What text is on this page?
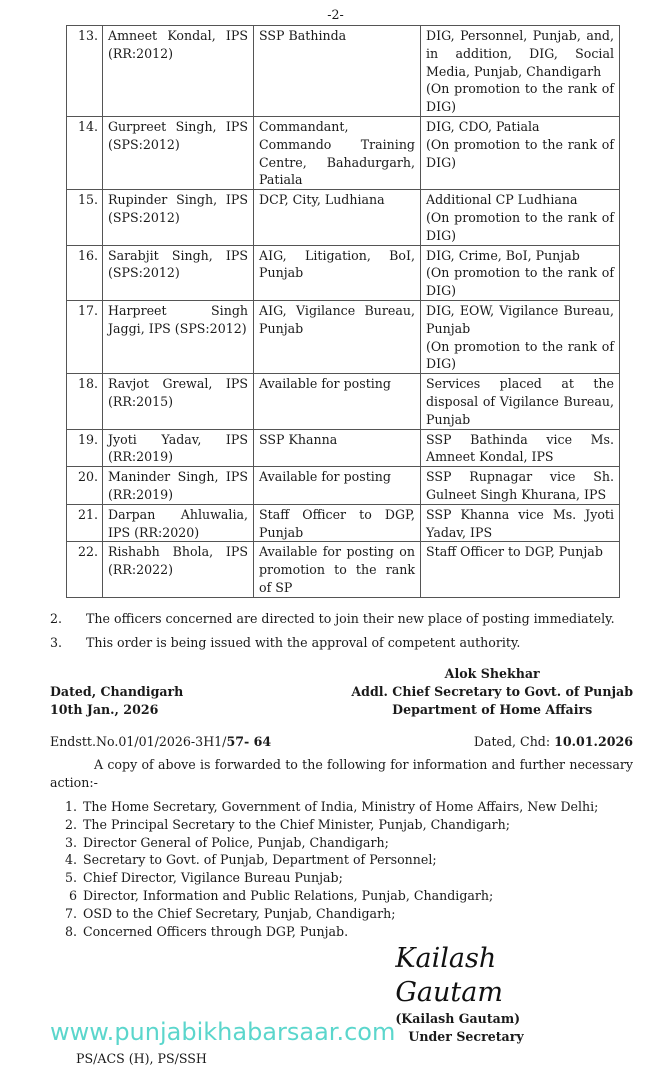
-2-
13.	Amneet Kondal, IPS (RR:2012)	SSP Bathinda	DIG, Personnel, Punjab, and, in addition, DIG, Social Media, Punjab, Chandigarh
(On promotion to the rank of DIG)

14.	Gurpreet Singh, IPS (SPS:2012)	Commandant, Commando Training Centre, Bahadurgarh, Patiala	DIG, CDO, Patiala
(On promotion to the rank of DIG)

15.	Rupinder Singh, IPS (SPS:2012)	DCP, City, Ludhiana	Additional CP Ludhiana
(On promotion to the rank of DIG)

16.	Sarabjit Singh, IPS (SPS:2012)	AIG, Litigation, BoI, Punjab	DIG, Crime, BoI, Punjab
(On promotion to the rank of DIG)

17.	Harpreet Singh Jaggi, IPS (SPS:2012)	AIG, Vigilance Bureau, Punjab	DIG, EOW, Vigilance Bureau, Punjab
(On promotion to the rank of DIG)

18.	Ravjot Grewal, IPS (RR:2015)	Available for posting	Services placed at the disposal of Vigilance Bureau, Punjab

19.	Jyoti Yadav, IPS (RR:2019)	SSP Khanna	SSP Bathinda vice Ms. Amneet Kondal, IPS

20.	Maninder Singh, IPS (RR:2019)	Available for posting	SSP Rupnagar vice Sh. Gulneet Singh Khurana, IPS

21.	Darpan Ahluwalia, IPS (RR:2020)	Staff Officer to DGP, Punjab	SSP Khanna vice Ms. Jyoti Yadav, IPS

22.	Rishabh Bhola, IPS (RR:2022)	Available for posting on promotion to the rank of SP	Staff Officer to DGP, Punjab
2.      The officers concerned are directed to join their new place of posting immediately.
3.      This order is being issued with the approval of competent authority.
Dated, Chandigarh
10th Jan., 2026
Alok Shekhar
Addl. Chief Secretary to Govt. of Punjab
Department of Home Affairs
Endstt.No.01/01/2026-3H1/57- 64	Dated, Chd: 10.01.2026
A copy of above is forwarded to the following for information and further necessary action:-
1. The Home Secretary, Government of India, Ministry of Home Affairs, New Delhi;
2. The Principal Secretary to the Chief Minister, Punjab, Chandigarh;
3. Director General of Police, Punjab, Chandigarh;
4. Secretary to Govt. of Punjab, Department of Personnel;
5. Chief Director, Vigilance Bureau Punjab;
6 Director, Information and Public Relations, Punjab, Chandigarh;
7. OSD to the Chief Secretary, Punjab, Chandigarh;
8. Concerned Officers through DGP, Punjab.
www.punjabikhabarsaar.com
Kailash Gautam
(Kailash Gautam)
Under Secretary
PS/ACS (H), PS/SSH
